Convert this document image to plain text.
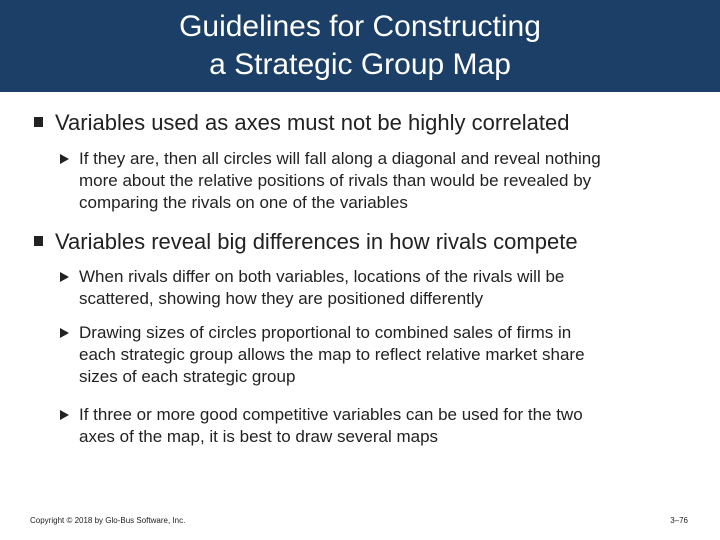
Guidelines for Constructing
a Strategic Group Map
Variables used as axes must not be highly correlated
If they are, then all circles will fall along a diagonal and reveal nothing
more about the relative positions of rivals than would be revealed by
comparing the rivals on one of the variables
Variables reveal big differences in how rivals compete
When rivals differ on both variables, locations of the rivals will be
scattered, showing how they are positioned differently
Drawing sizes of circles proportional to combined sales of firms in
each strategic group allows the map to reflect relative market share
sizes of each strategic group
If three or more good competitive variables can be used for the two
axes of the map, it is best to draw several maps
Copyright © 2018 by Glo-Bus Software, Inc.	3–76
